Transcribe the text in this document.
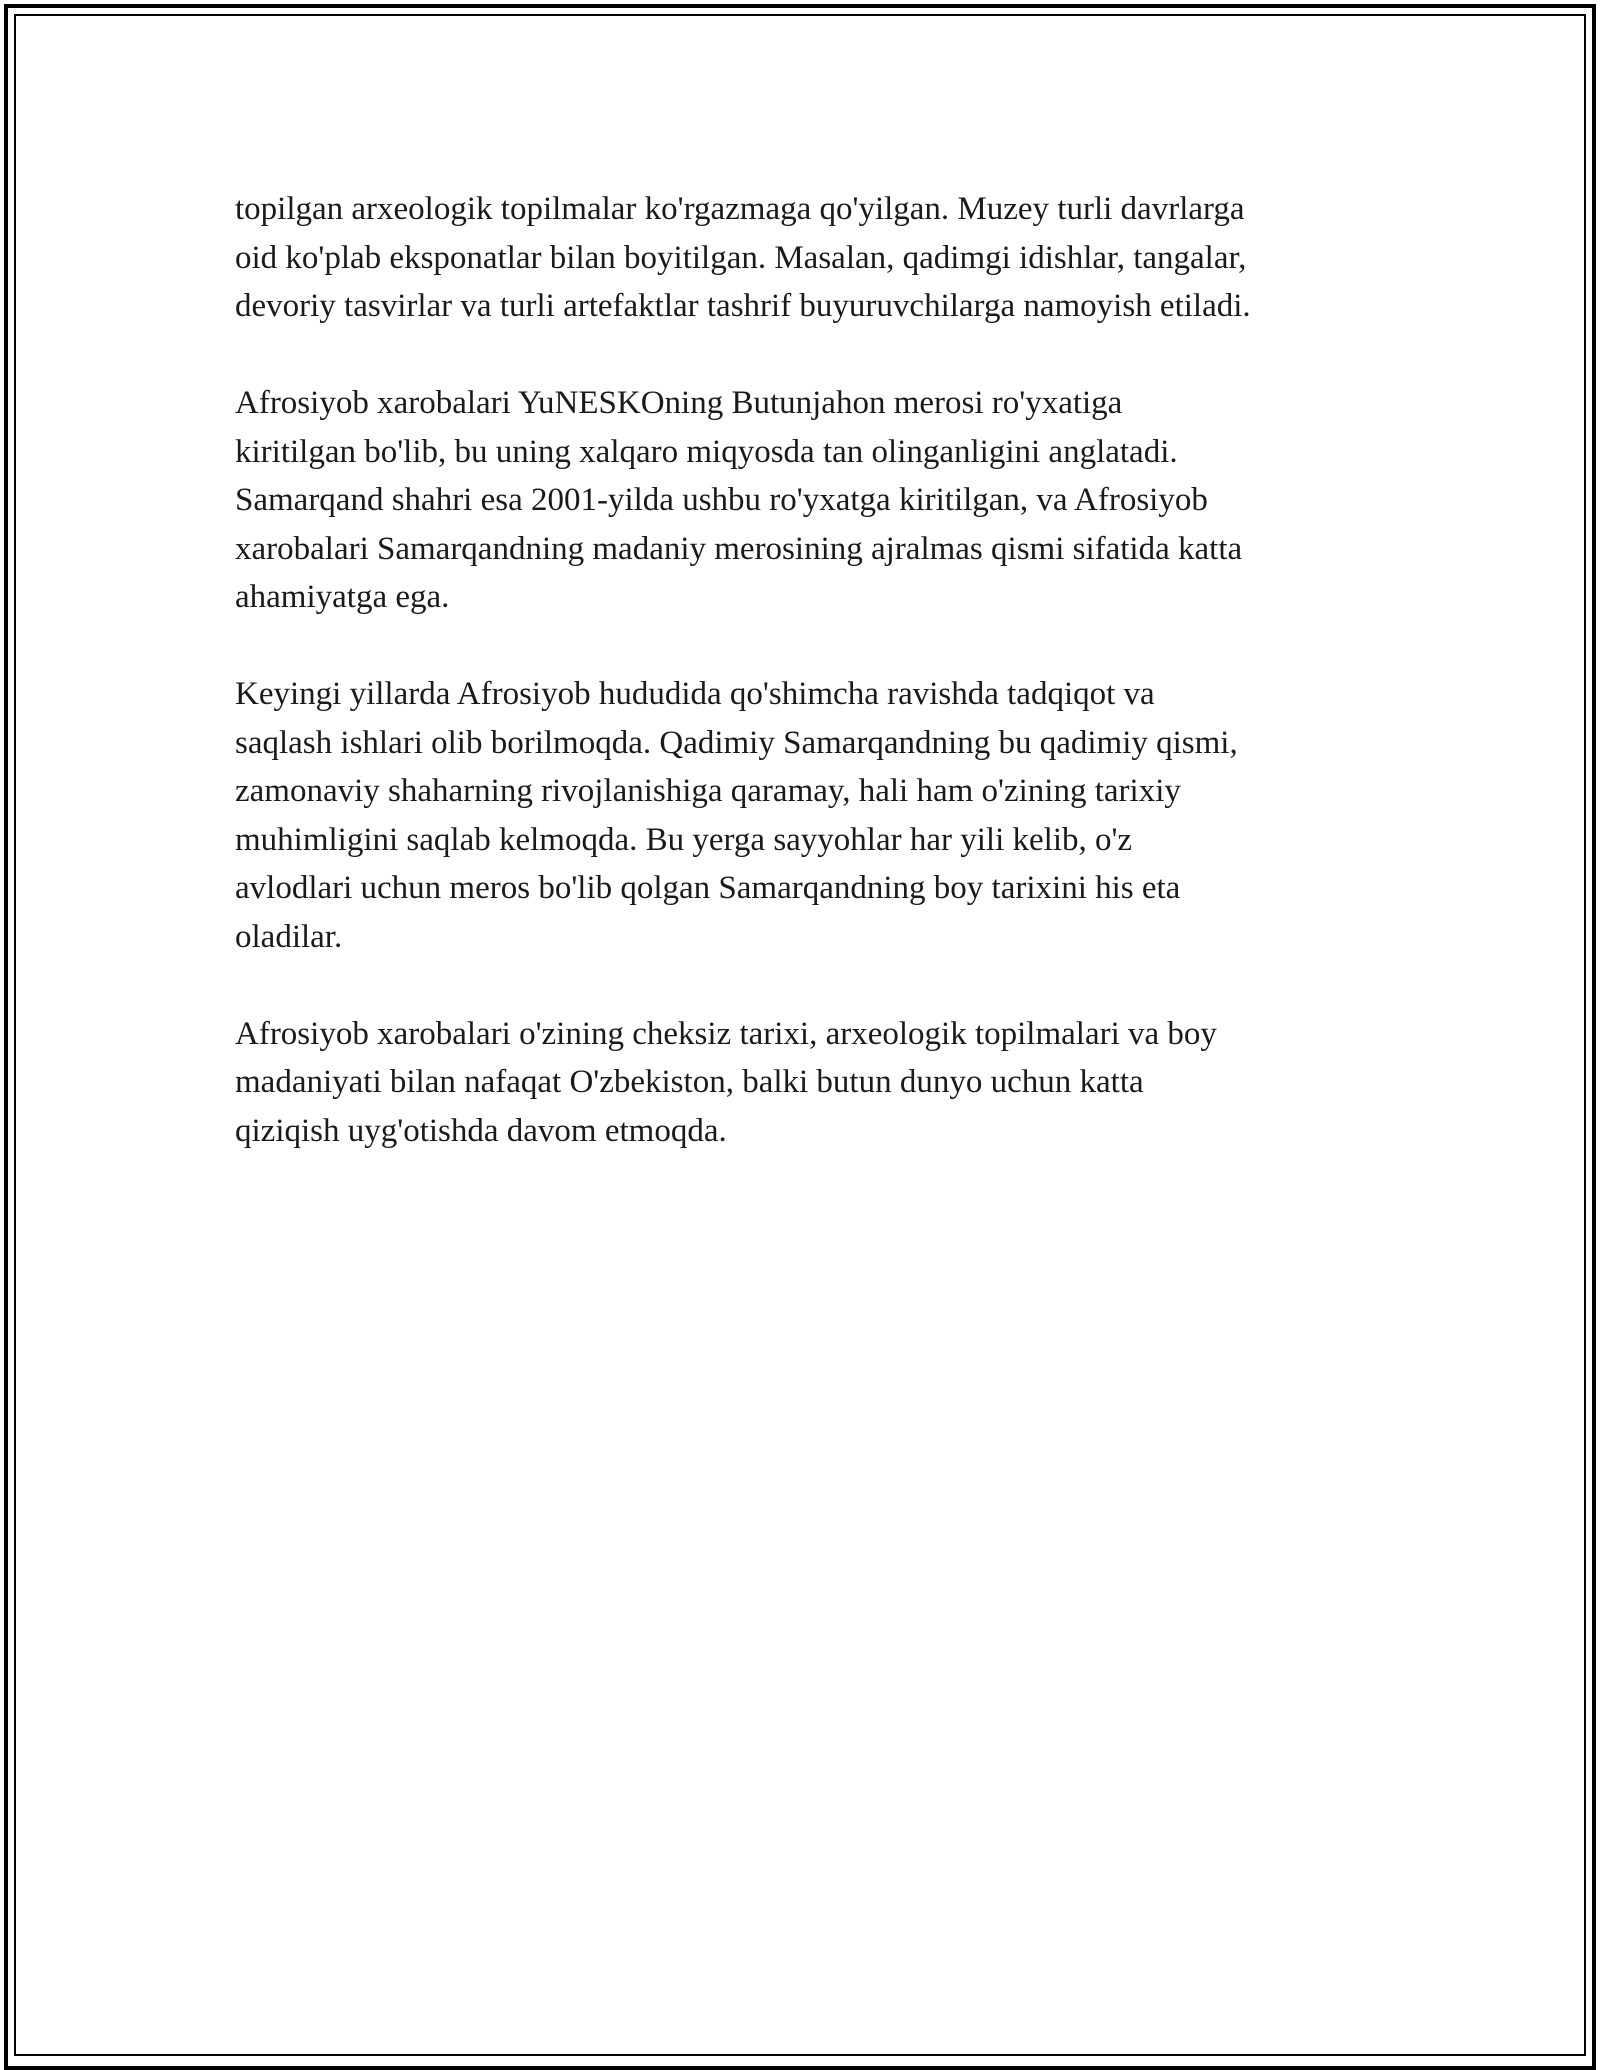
topilgan arxeologik topilmalar ko'rgazmaga qo'yilgan. Muzey turli davrlarga
oid ko'plab eksponatlar bilan boyitilgan. Masalan, qadimgi idishlar, tangalar,
devoriy tasvirlar va turli artefaktlar tashrif buyuruvchilarga namoyish etiladi.

Afrosiyob xarobalari YuNESKOning Butunjahon merosi ro'yxatiga
kiritilgan bo'lib, bu uning xalqaro miqyosda tan olinganligini anglatadi.
Samarqand shahri esa 2001-yilda ushbu ro'yxatga kiritilgan, va Afrosiyob
xarobalari Samarqandning madaniy merosining ajralmas qismi sifatida katta
ahamiyatga ega.

Keyingi yillarda Afrosiyob hududida qo'shimcha ravishda tadqiqot va
saqlash ishlari olib borilmoqda. Qadimiy Samarqandning bu qadimiy qismi,
zamonaviy shaharning rivojlanishiga qaramay, hali ham o'zining tarixiy
muhimligini saqlab kelmoqda. Bu yerga sayyohlar har yili kelib, o'z
avlodlari uchun meros bo'lib qolgan Samarqandning boy tarixini his eta
oladilar.

Afrosiyob xarobalari o'zining cheksiz tarixi, arxeologik topilmalari va boy
madaniyati bilan nafaqat O'zbekiston, balki butun dunyo uchun katta
qiziqish uyg'otishda davom etmoqda.
